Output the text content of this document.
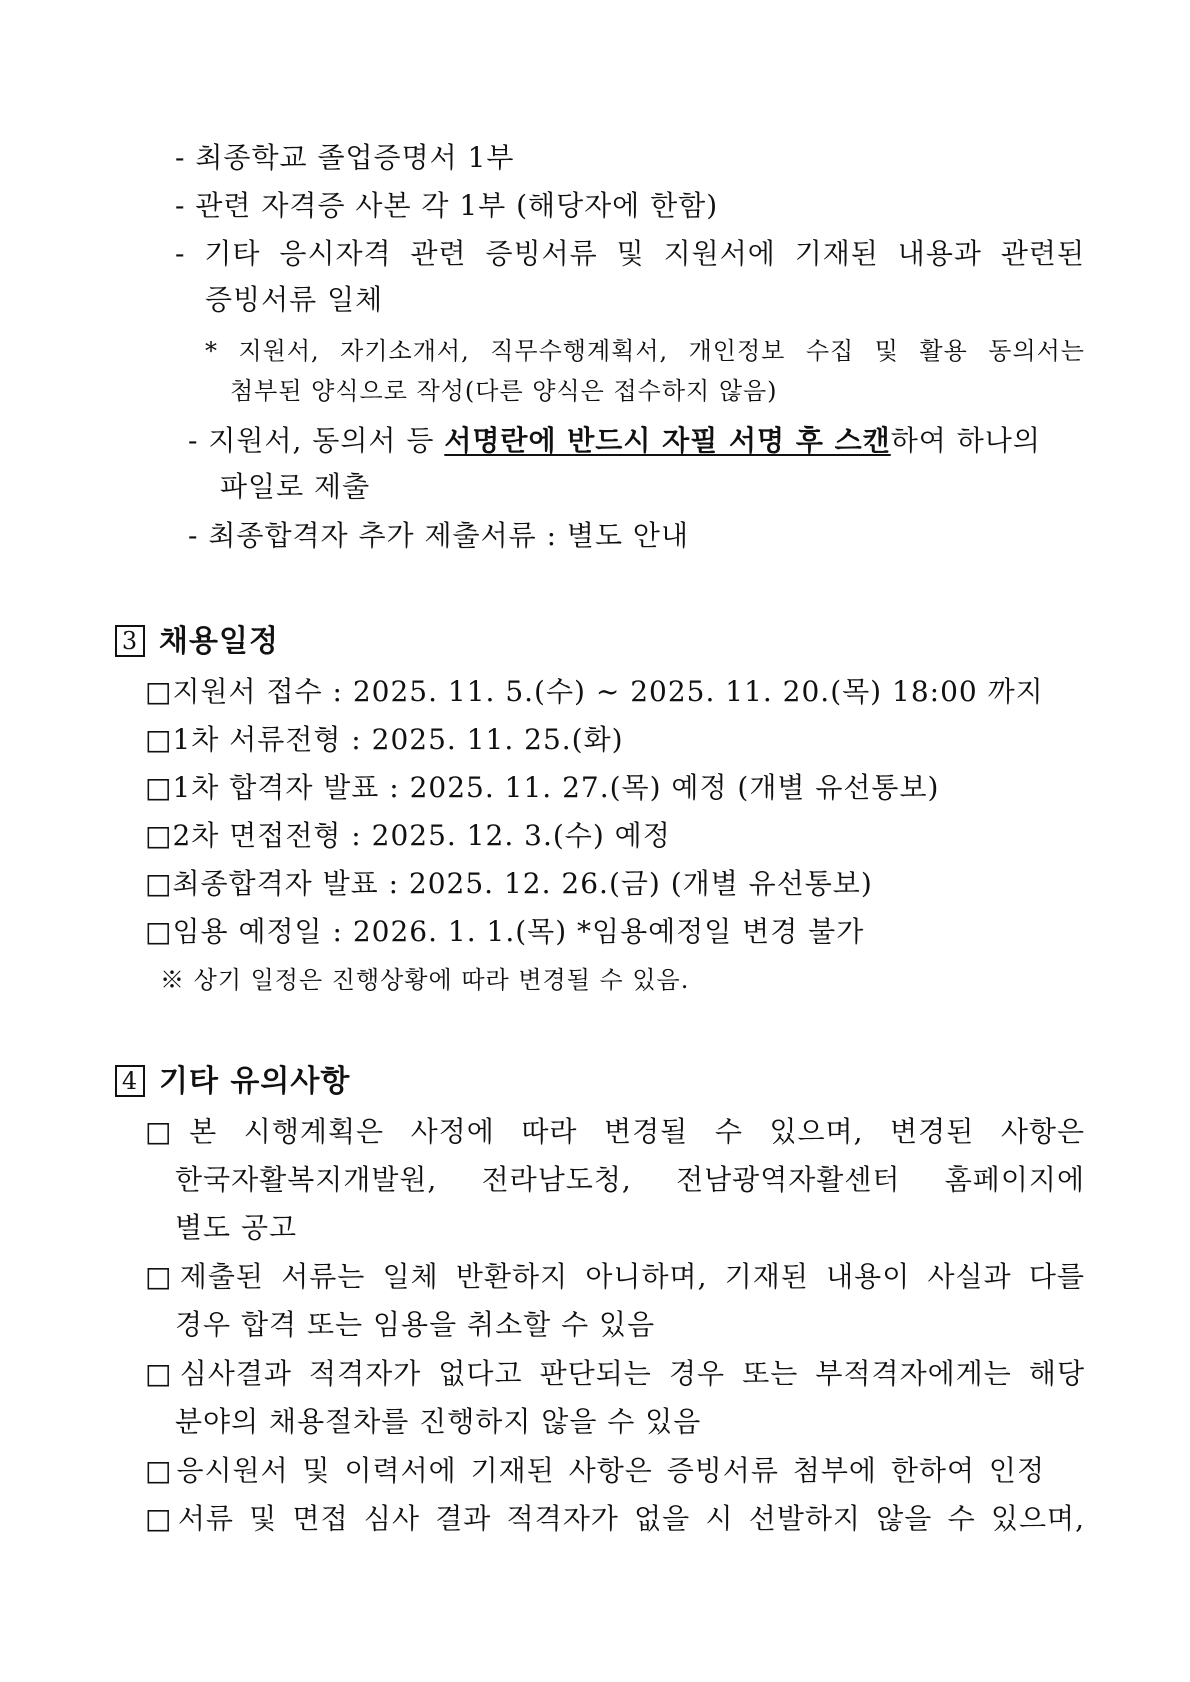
- 최종학교 졸업증명서 1부
- 관련 자격증 사본 각 1부 (해당자에 한함)
- 기타 응시자격 관련 증빙서류 및 지원서에 기재된 내용과 관련된
증빙서류 일체
* 지원서, 자기소개서, 직무수행계획서, 개인정보 수집 및 활용 동의서는
첨부된 양식으로 작성(다른 양식은 접수하지 않음)
- 지원서, 동의서 등 서명란에 반드시 자필 서명 후 스캔하여 하나의
파일로 제출
- 최종합격자 추가 제출서류 : 별도 안내
3 채용일정
□지원서 접수 : 2025. 11. 5.(수) ~ 2025. 11. 20.(목) 18:00 까지
□1차 서류전형 : 2025. 11. 25.(화)
□1차 합격자 발표 : 2025. 11. 27.(목) 예정 (개별 유선통보)
□2차 면접전형 : 2025. 12. 3.(수) 예정
□최종합격자 발표 : 2025. 12. 26.(금) (개별 유선통보)
□임용 예정일 : 2026. 1. 1.(목) *임용예정일 변경 불가
※ 상기 일정은 진행상황에 따라 변경될 수 있음.
4 기타 유의사항
□본 시행계획은 사정에 따라 변경될 수 있으며, 변경된 사항은
한국자활복지개발원, 전라남도청, 전남광역자활센터 홈페이지에
별도 공고
□제출된 서류는 일체 반환하지 아니하며, 기재된 내용이 사실과 다를
경우 합격 또는 임용을 취소할 수 있음
□심사결과 적격자가 없다고 판단되는 경우 또는 부적격자에게는 해당
분야의 채용절차를 진행하지 않을 수 있음
□응시원서 및 이력서에 기재된 사항은 증빙서류 첨부에 한하여 인정
□서류 및 면접 심사 결과 적격자가 없을 시 선발하지 않을 수 있으며,
